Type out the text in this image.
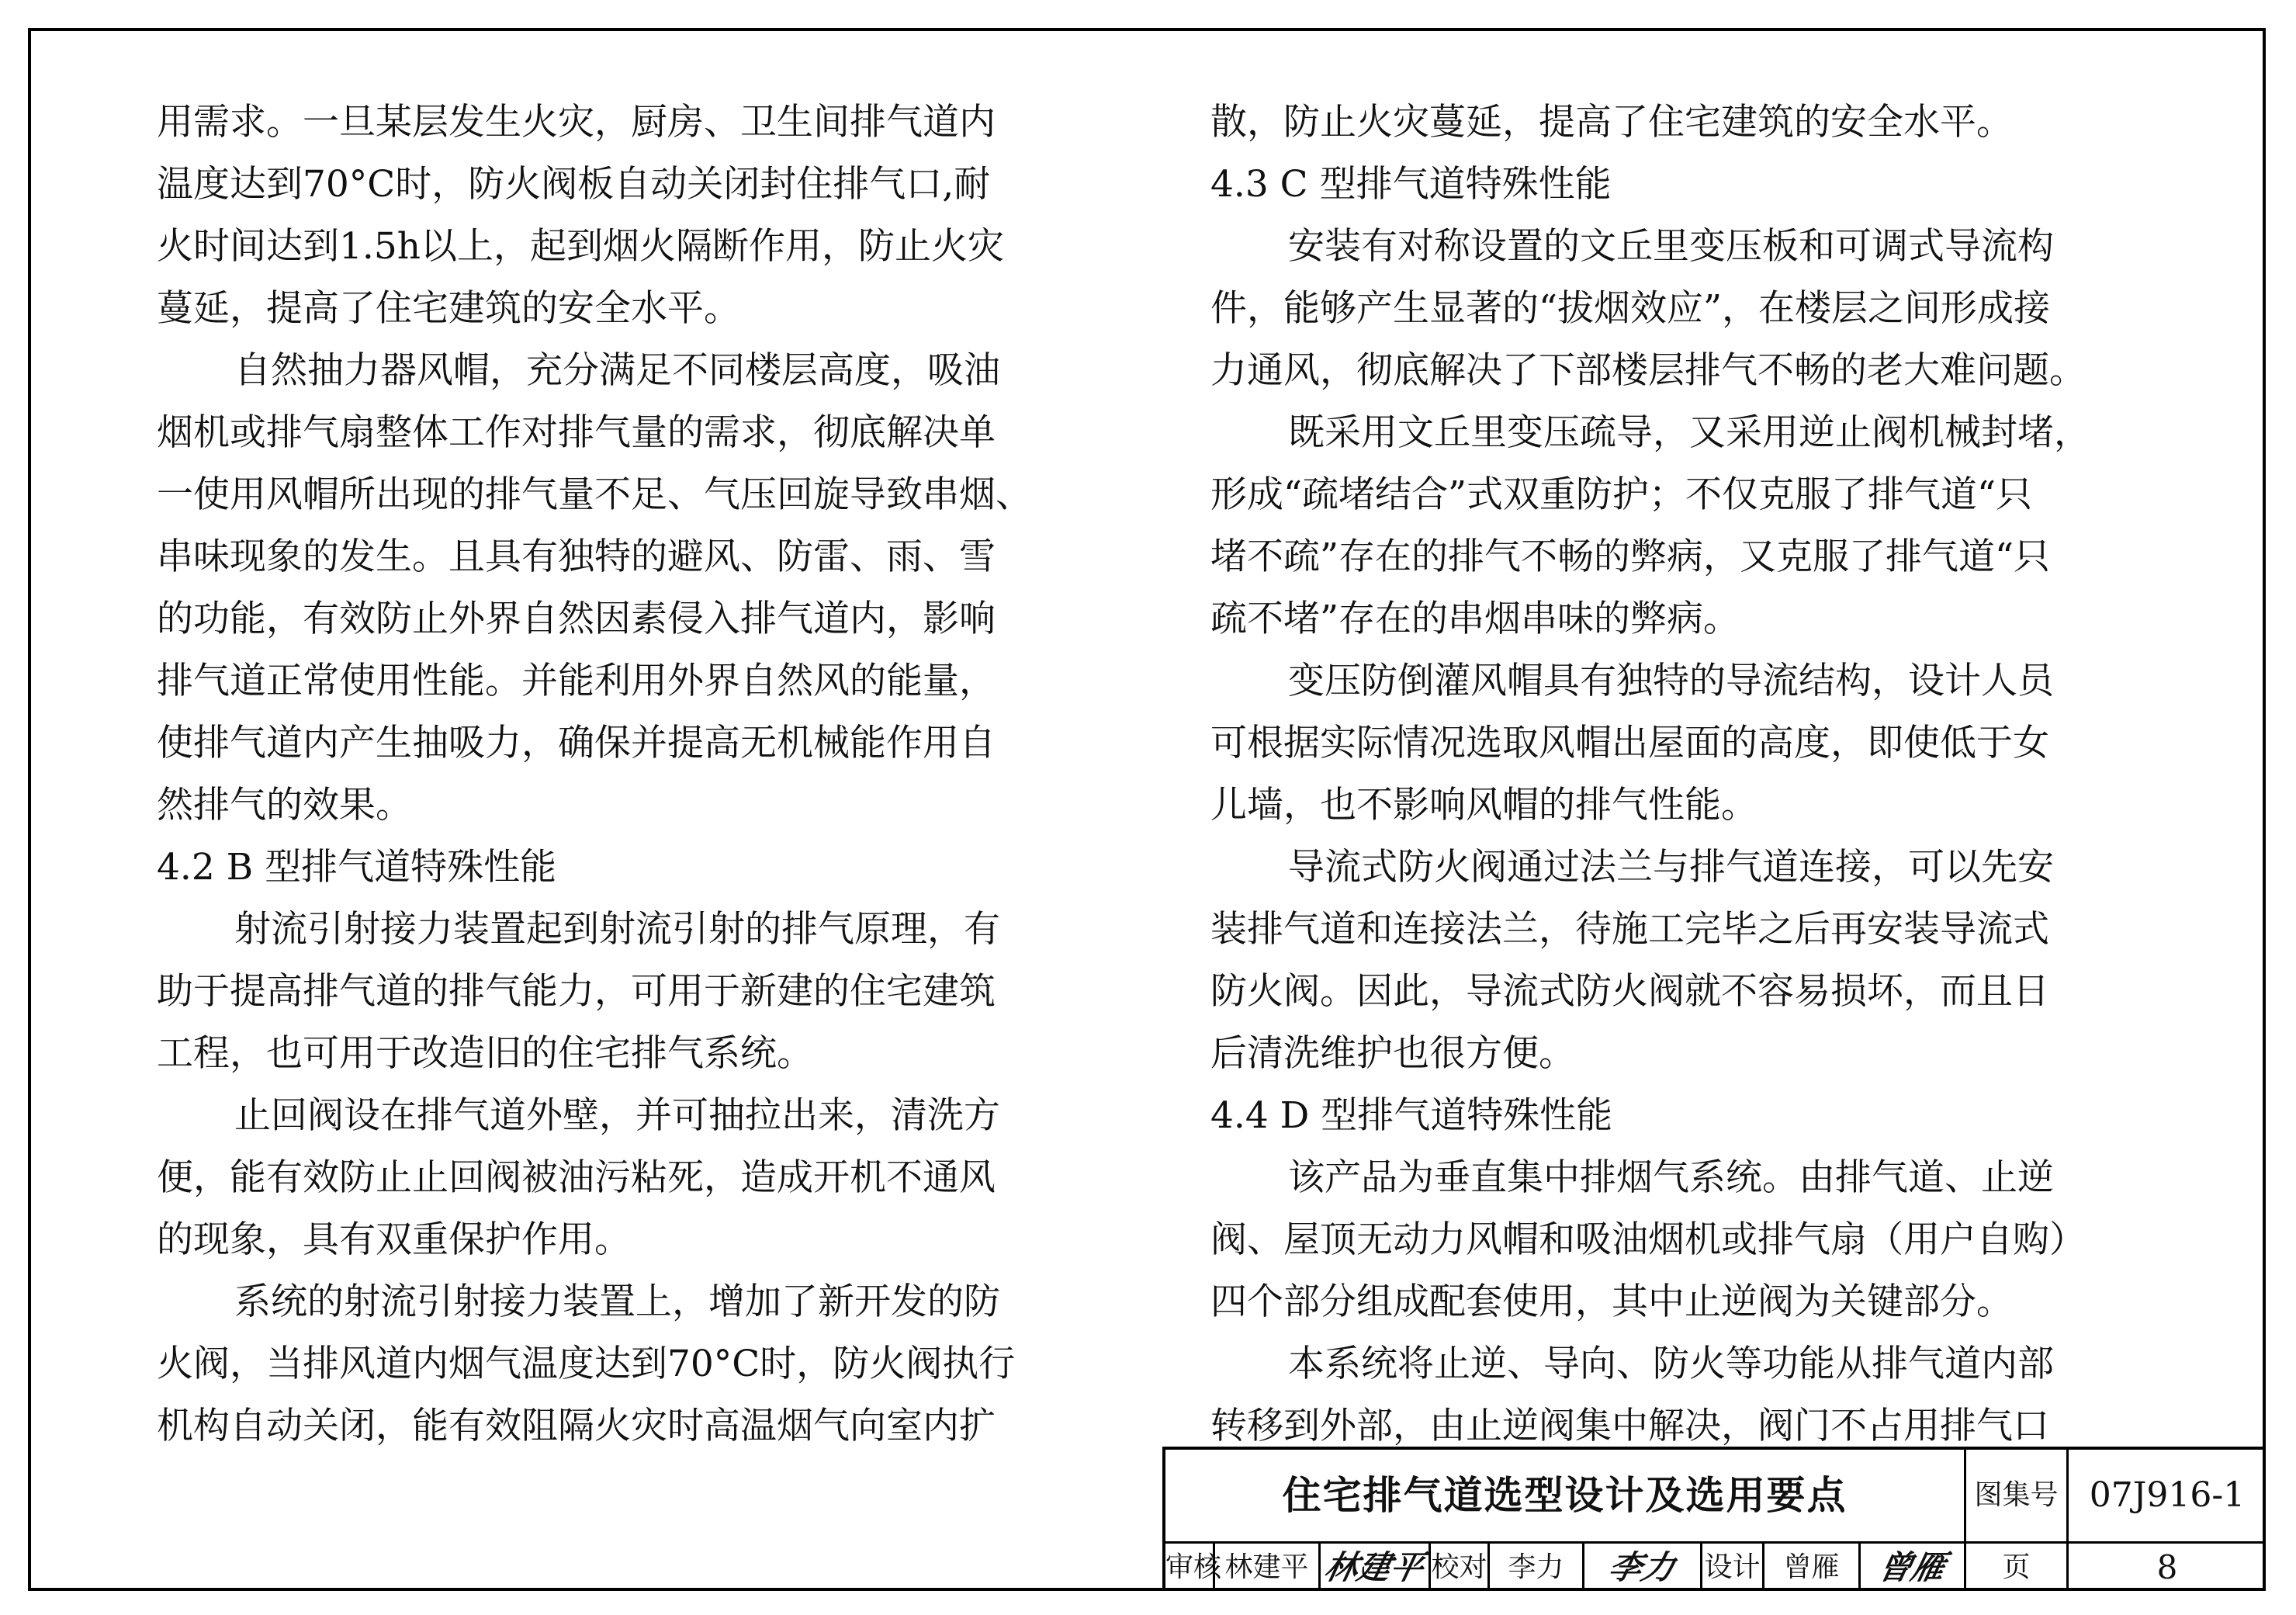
用需求。一旦某层发生火灾，厨房、卫生间排气道内
温度达到70°C时，防火阀板自动关闭封住排气口,耐
火时间达到1.5h以上，起到烟火隔断作用，防止火灾
蔓延，提高了住宅建筑的安全水平。
自然抽力器风帽，充分满足不同楼层高度，吸油
烟机或排气扇整体工作对排气量的需求，彻底解决单
一使用风帽所出现的排气量不足、气压回旋导致串烟、
串味现象的发生。且具有独特的避风、防雷、雨、雪
的功能，有效防止外界自然因素侵入排气道内，影响
排气道正常使用性能。并能利用外界自然风的能量，
使排气道内产生抽吸力，确保并提高无机械能作用自
然排气的效果。
4.2 B 型排气道特殊性能
射流引射接力装置起到射流引射的排气原理，有
助于提高排气道的排气能力，可用于新建的住宅建筑
工程，也可用于改造旧的住宅排气系统。
止回阀设在排气道外壁，并可抽拉出来，清洗方
便，能有效防止止回阀被油污粘死，造成开机不通风
的现象，具有双重保护作用。
系统的射流引射接力装置上，增加了新开发的防
火阀，当排风道内烟气温度达到70°C时，防火阀执行
机构自动关闭，能有效阻隔火灾时高温烟气向室内扩
散，防止火灾蔓延，提高了住宅建筑的安全水平。
4.3 C 型排气道特殊性能
安装有对称设置的文丘里变压板和可调式导流构
件，能够产生显著的“拔烟效应”，在楼层之间形成接
力通风，彻底解决了下部楼层排气不畅的老大难问题。
既采用文丘里变压疏导，又采用逆止阀机械封堵，
形成“疏堵结合”式双重防护；不仅克服了排气道“只
堵不疏”存在的排气不畅的弊病，又克服了排气道“只
疏不堵”存在的串烟串味的弊病。
变压防倒灌风帽具有独特的导流结构，设计人员
可根据实际情况选取风帽出屋面的高度，即使低于女
儿墙，也不影响风帽的排气性能。
导流式防火阀通过法兰与排气道连接，可以先安
装排气道和连接法兰，待施工完毕之后再安装导流式
防火阀。因此，导流式防火阀就不容易损坏，而且日
后清洗维护也很方便。
4.4 D 型排气道特殊性能
该产品为垂直集中排烟气系统。由排气道、止逆
阀、屋顶无动力风帽和吸油烟机或排气扇（用户自购）
四个部分组成配套使用，其中止逆阀为关键部分。
本系统将止逆、导向、防火等功能从排气道内部
转移到外部，由止逆阀集中解决，阀门不占用排气口
住宅排气道选型设计及选用要点	图集号 07J916-1
审核 林建平 林建平 校对 李力	李力 设计 曾雁	曾雁	页	8
